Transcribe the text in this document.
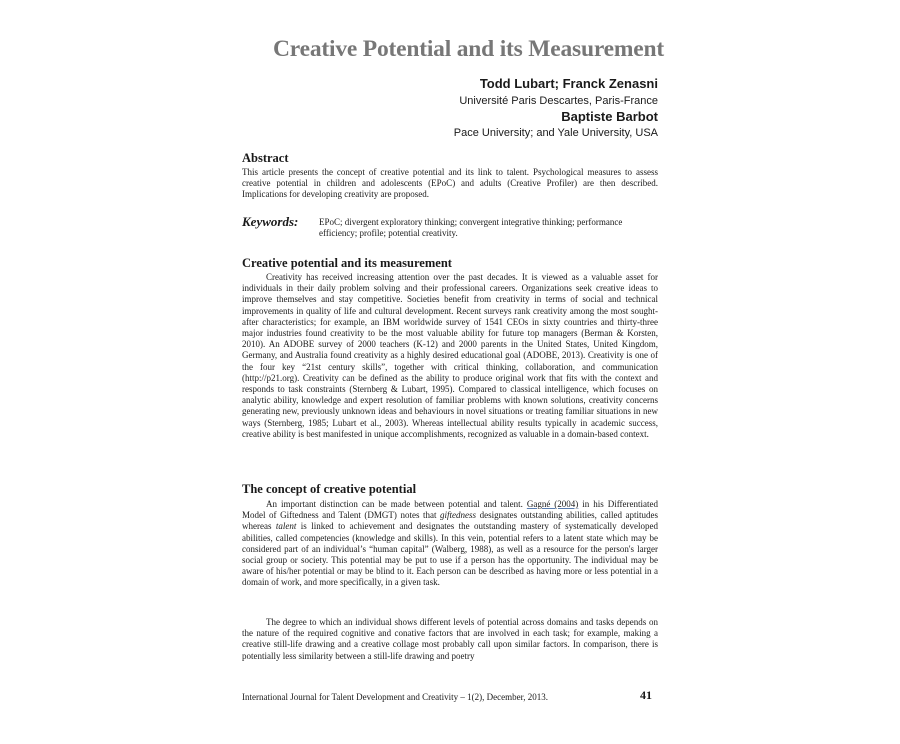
Creative Potential and its Measurement
Todd Lubart; Franck Zenasni
Université Paris Descartes, Paris-France
Baptiste Barbot
Pace University; and Yale University, USA
Abstract
This article presents the concept of creative potential and its link to talent. Psychological measures to assess creative potential in children and adolescents (EPoC) and adults (Creative Profiler) are then described. Implications for developing creativity are proposed.
Keywords: EPoC; divergent exploratory thinking; convergent integrative thinking; performance efficiency; profile; potential creativity.
Creative potential and its measurement
Creativity has received increasing attention over the past decades. It is viewed as a valuable asset for individuals in their daily problem solving and their professional careers. Organizations seek creative ideas to improve themselves and stay competitive. Societies benefit from creativity in terms of social and technical improvements in quality of life and cultural development. Recent surveys rank creativity among the most sought-after characteristics; for example, an IBM worldwide survey of 1541 CEOs in sixty countries and thirty-three major industries found creativity to be the most valuable ability for future top managers (Berman & Korsten, 2010). An ADOBE survey of 2000 teachers (K-12) and 2000 parents in the United States, United Kingdom, Germany, and Australia found creativity as a highly desired educational goal (ADOBE, 2013). Creativity is one of the four key “21st century skills”, together with critical thinking, collaboration, and communication (http://p21.org). Creativity can be defined as the ability to produce original work that fits with the context and responds to task constraints (Sternberg & Lubart, 1995). Compared to classical intelligence, which focuses on analytic ability, knowledge and expert resolution of familiar problems with known solutions, creativity concerns generating new, previously unknown ideas and behaviours in novel situations or treating familiar situations in new ways (Sternberg, 1985; Lubart et al., 2003). Whereas intellectual ability results typically in academic success, creative ability is best manifested in unique accomplishments, recognized as valuable in a domain-based context.
The concept of creative potential
An important distinction can be made between potential and talent. Gagné (2004) in his Differentiated Model of Giftedness and Talent (DMGT) notes that giftedness designates outstanding abilities, called aptitudes whereas talent is linked to achievement and designates the outstanding mastery of systematically developed abilities, called competencies (knowledge and skills). In this vein, potential refers to a latent state which may be considered part of an individual’s “human capital” (Walberg, 1988), as well as a resource for the person's larger social group or society. This potential may be put to use if a person has the opportunity. The individual may be aware of his/her potential or may be blind to it. Each person can be described as having more or less potential in a domain of work, and more specifically, in a given task.
The degree to which an individual shows different levels of potential across domains and tasks depends on the nature of the required cognitive and conative factors that are involved in each task; for example, making a creative still-life drawing and a creative collage most probably call upon similar factors. In comparison, there is potentially less similarity between a still-life drawing and poetry
International Journal for Talent Development and Creativity – 1(2), December, 2013.	41
